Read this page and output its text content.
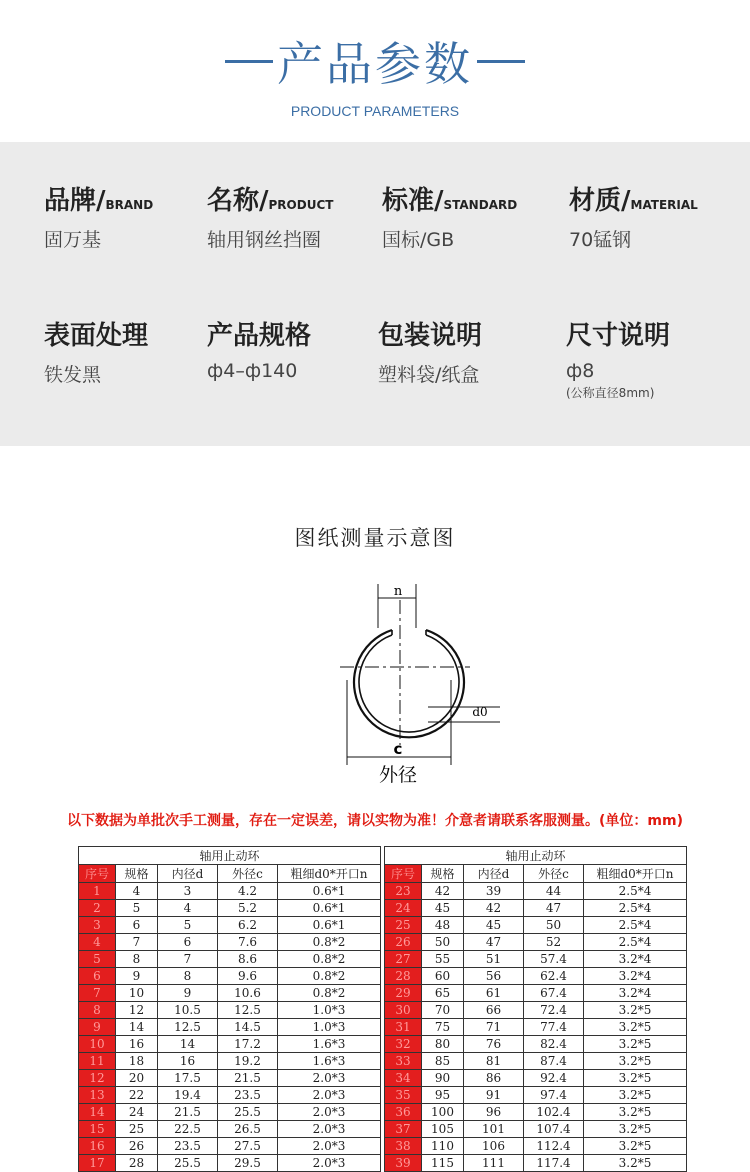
产品参数
PRODUCT PARAMETERS
品牌/BRAND
固万基
名称/PRODUCT
轴用钢丝挡圈
标准/STANDARD
国标/GB
材质/MATERIAL
70锰钢
表面处理
铁发黑
产品规格
ф4–ф140
包装说明
塑料袋/纸盒
尺寸说明
ф8
(公称直径8mm)
图纸测量示意图
n
d0
c
外径
以下数据为单批次手工测量，存在一定误差，请以实物为准！介意者请联系客服测量。(单位：mm)
轴用止动环				
序号	规格	内径d	外径c	粗细d0*开口n
1	4	3	4.2	0.6*1
2	5	4	5.2	0.6*1
3	6	5	6.2	0.6*1
4	7	6	7.6	0.8*2
5	8	7	8.6	0.8*2
6	9	8	9.6	0.8*2
7	10	9	10.6	0.8*2
8	12	10.5	12.5	1.0*3
9	14	12.5	14.5	1.0*3
10	16	14	17.2	1.6*3
11	18	16	19.2	1.6*3
12	20	17.5	21.5	2.0*3
13	22	19.4	23.5	2.0*3
14	24	21.5	25.5	2.0*3
15	25	22.5	26.5	2.0*3
16	26	23.5	27.5	2.0*3
17	28	25.5	29.5	2.0*3
轴用止动环				
序号	规格	内径d	外径c	粗细d0*开口n
23	42	39	44	2.5*4
24	45	42	47	2.5*4
25	48	45	50	2.5*4
26	50	47	52	2.5*4
27	55	51	57.4	3.2*4
28	60	56	62.4	3.2*4
29	65	61	67.4	3.2*4
30	70	66	72.4	3.2*5
31	75	71	77.4	3.2*5
32	80	76	82.4	3.2*5
33	85	81	87.4	3.2*5
34	90	86	92.4	3.2*5
35	95	91	97.4	3.2*5
36	100	96	102.4	3.2*5
37	105	101	107.4	3.2*5
38	110	106	112.4	3.2*5
39	115	111	117.4	3.2*5
